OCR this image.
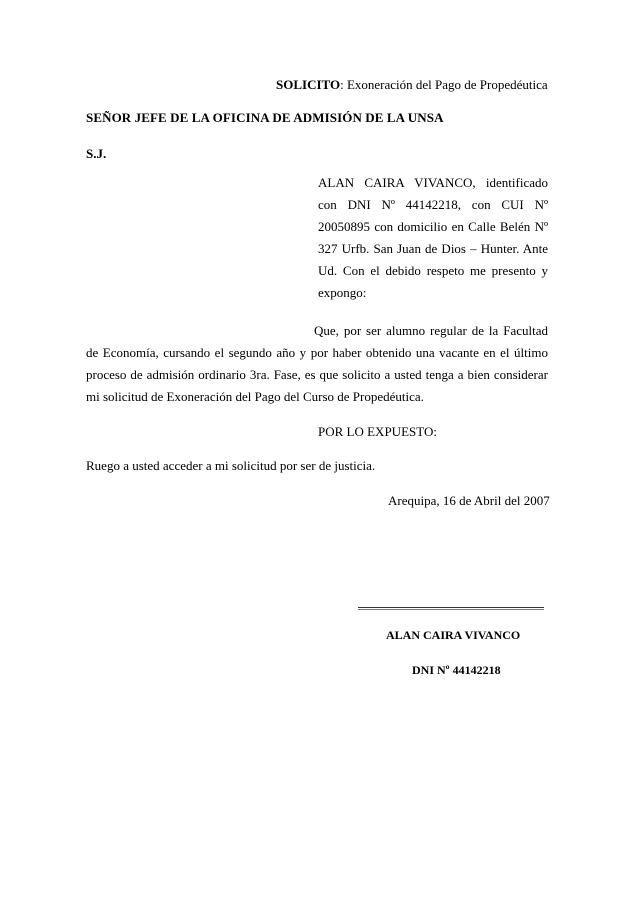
SOLICITO: Exoneración del Pago de Propedéutica
SEÑOR JEFE DE LA OFICINA DE ADMISIÓN DE LA UNSA
S.J.
ALAN CAIRA VIVANCO, identificado
con DNI Nº 44142218, con CUI Nº
20050895 con domicilio en Calle Belén Nº
327 Urfb. San Juan de Dios – Hunter. Ante
Ud. Con el debido respeto me presento y
expongo:
Que, por ser alumno regular de la Facultad
de Economía, cursando el segundo año y por haber obtenido una vacante en el último
proceso de admisión ordinario 3ra. Fase, es que solicito a usted tenga a bien considerar
mi solicitud de Exoneración del Pago del Curso de Propedéutica.
POR LO EXPUESTO:
Ruego a usted acceder a mi solicitud por ser de justicia.
Arequipa, 16 de Abril del 2007
ALAN CAIRA VIVANCO
DNI Nº 44142218
